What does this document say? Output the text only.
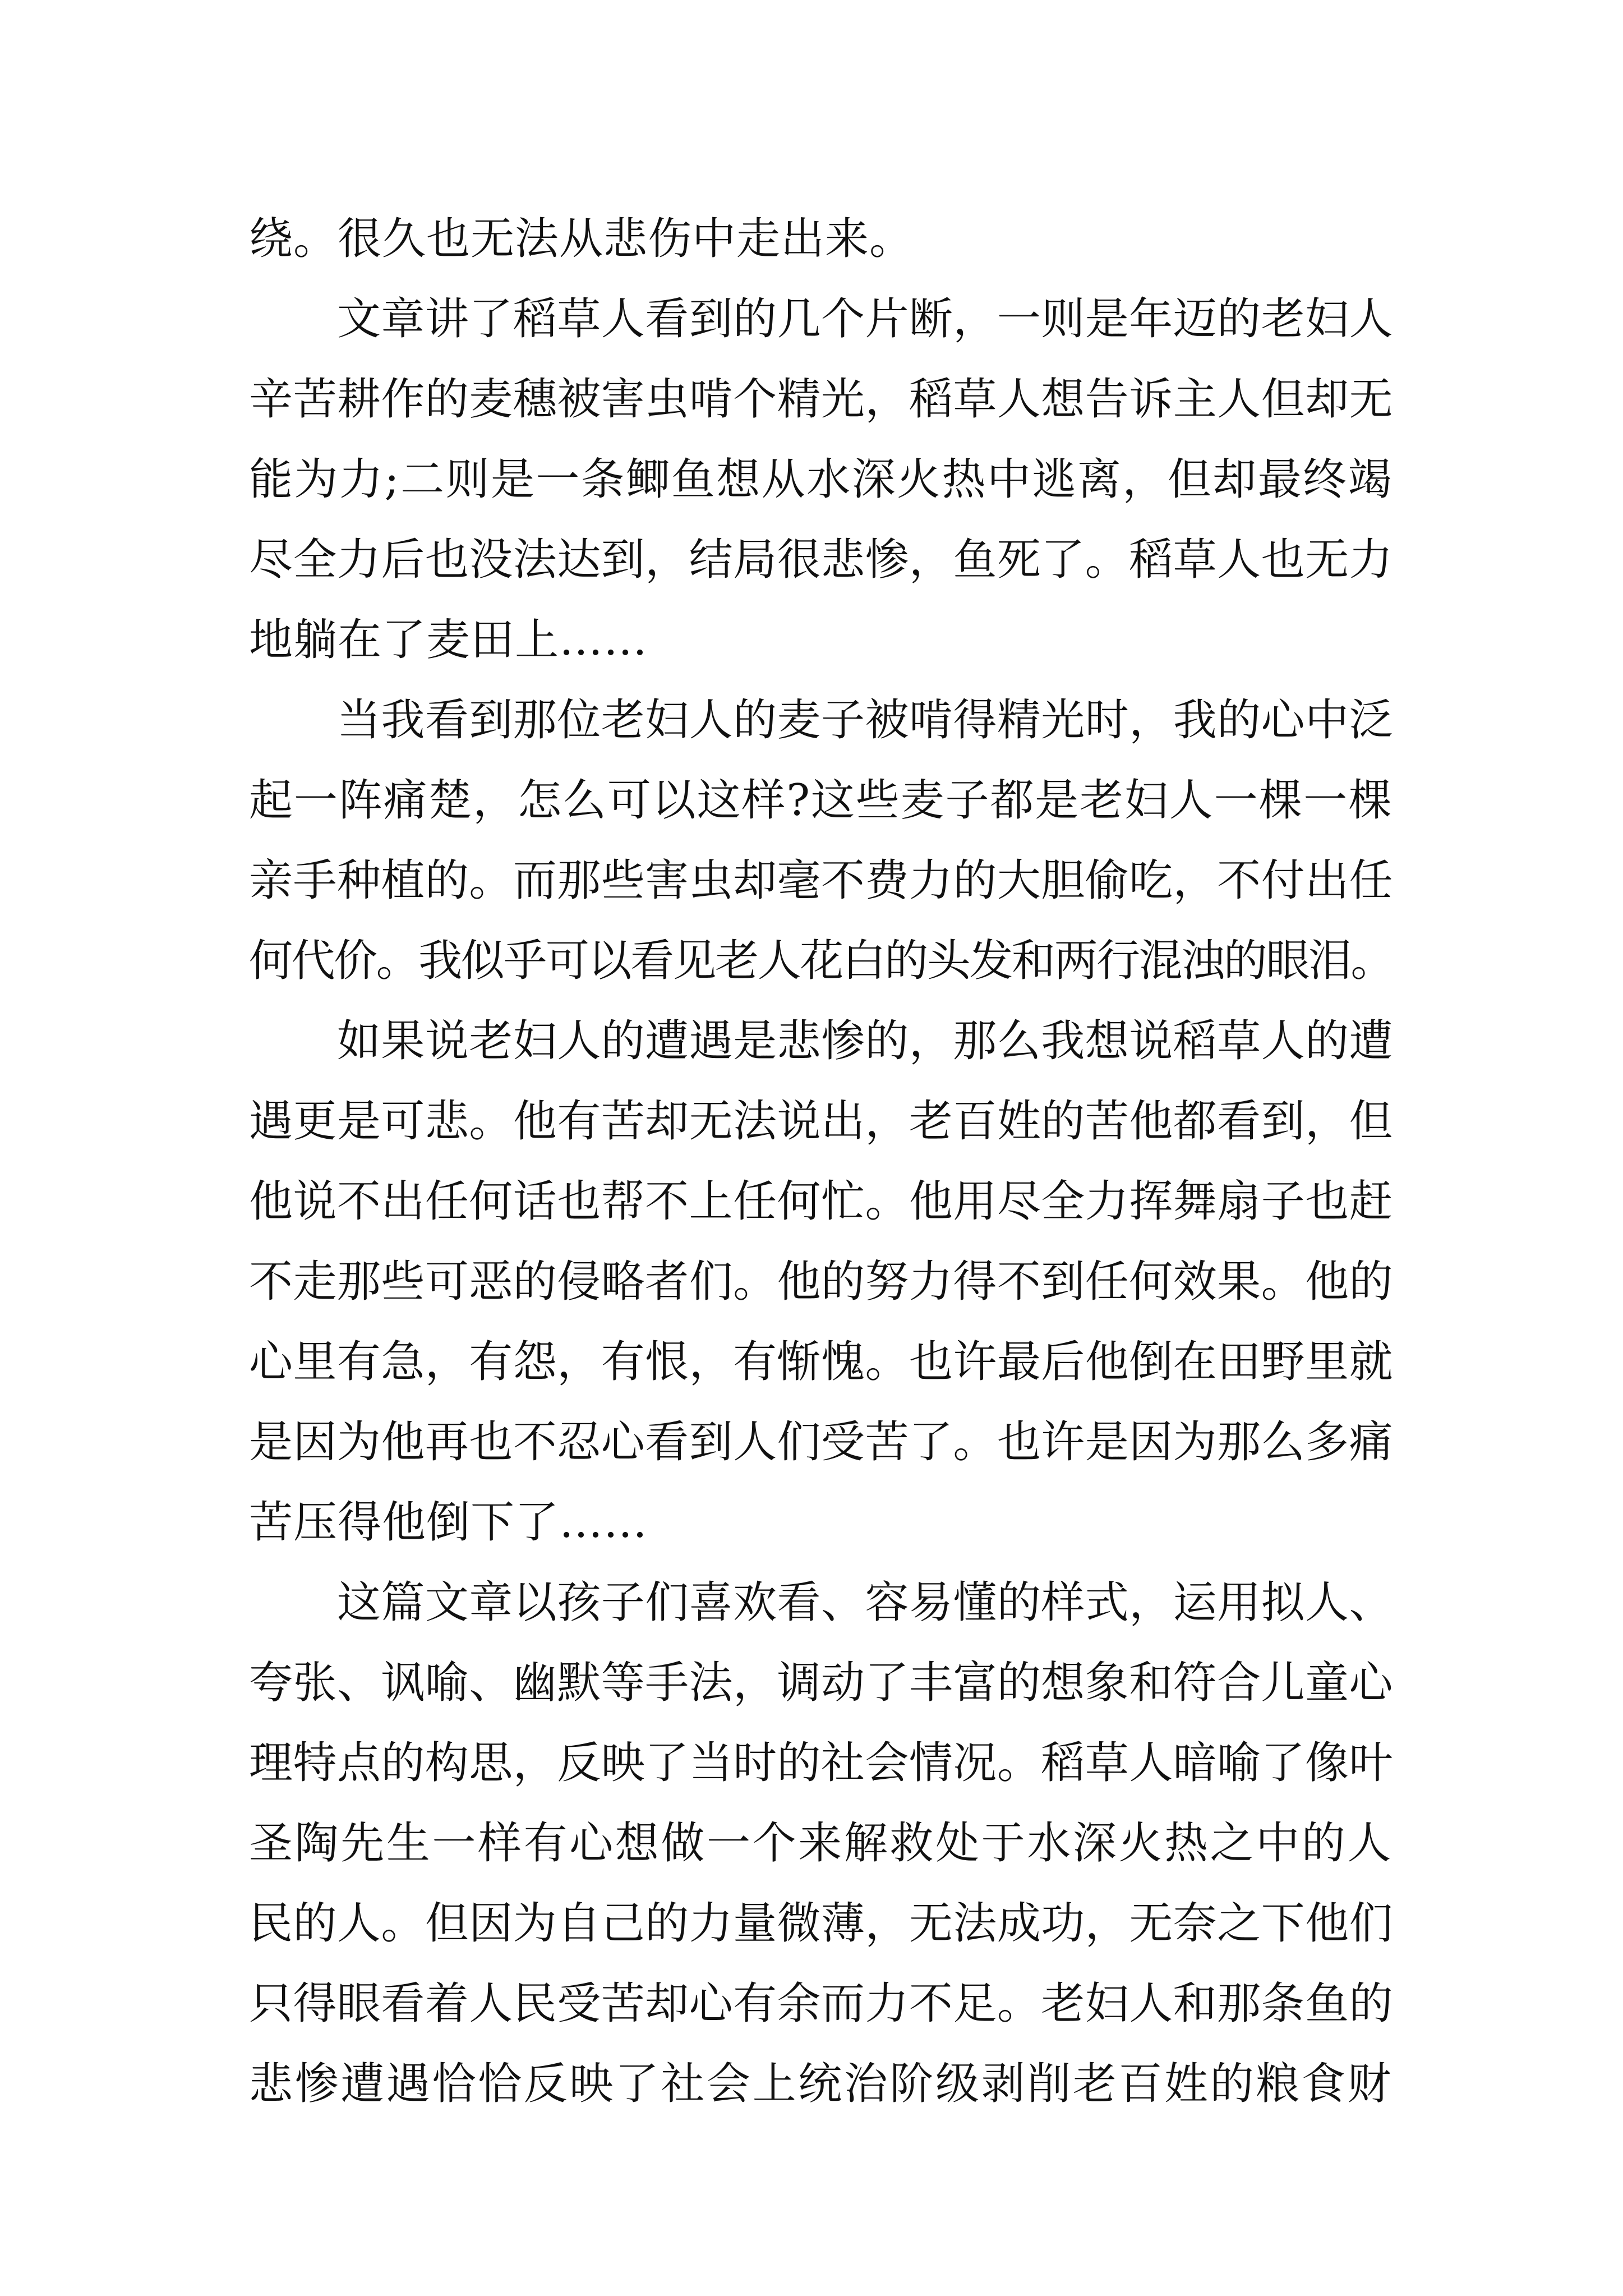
绕。很久也无法从悲伤中走出来。
　　文章讲了稻草人看到的几个片断，一则是年迈的老妇人
辛苦耕作的麦穗被害虫啃个精光，稻草人想告诉主人但却无
能为力;二则是一条鲫鱼想从水深火热中逃离，但却最终竭
尽全力后也没法达到，结局很悲惨，鱼死了。稻草人也无力
地躺在了麦田上……
　　当我看到那位老妇人的麦子被啃得精光时，我的心中泛
起一阵痛楚，怎么可以这样?这些麦子都是老妇人一棵一棵
亲手种植的。而那些害虫却毫不费力的大胆偷吃，不付出任
何代价。我似乎可以看见老人花白的头发和两行混浊的眼泪。
　　如果说老妇人的遭遇是悲惨的，那么我想说稻草人的遭
遇更是可悲。他有苦却无法说出，老百姓的苦他都看到，但
他说不出任何话也帮不上任何忙。他用尽全力挥舞扇子也赶
不走那些可恶的侵略者们。他的努力得不到任何效果。他的
心里有急，有怨，有恨，有惭愧。也许最后他倒在田野里就
是因为他再也不忍心看到人们受苦了。也许是因为那么多痛
苦压得他倒下了……
　　这篇文章以孩子们喜欢看、容易懂的样式，运用拟人、
夸张、讽喻、幽默等手法，调动了丰富的想象和符合儿童心
理特点的构思，反映了当时的社会情况。稻草人暗喻了像叶
圣陶先生一样有心想做一个来解救处于水深火热之中的人
民的人。但因为自己的力量微薄，无法成功，无奈之下他们
只得眼看着人民受苦却心有余而力不足。老妇人和那条鱼的
悲惨遭遇恰恰反映了社会上统治阶级剥削老百姓的粮食财
